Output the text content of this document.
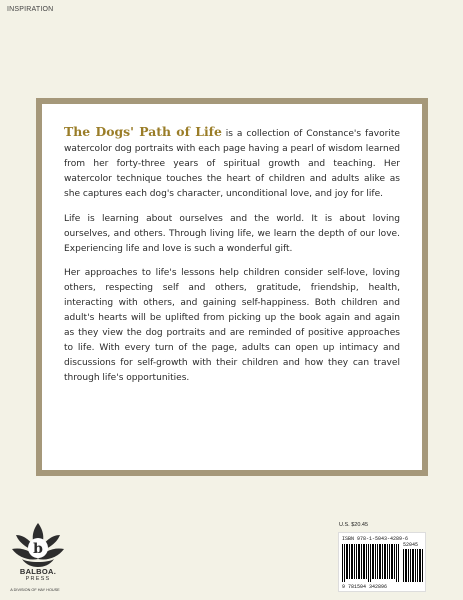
INSPIRATION

The Dogs' Path of Life is a collection of Constance's favorite watercolor dog portraits with each page having a pearl of wisdom learned from her forty-three years of spiritual growth and teaching. Her watercolor technique touches the heart of children and adults alike as she captures each dog's character, unconditional love, and joy for life.

Life is learning about ourselves and the world. It is about loving ourselves, and others. Through living life, we learn the depth of our love. Experiencing life and love is such a wonderful gift.

Her approaches to life's lessons help children consider self-love, loving others, respecting self and others, gratitude, friendship, health, interacting with others, and gaining self-happiness. Both children and adult's hearts will be uplifted from picking up the book again and again as they view the dog portraits and are reminded of positive approaches to life. With every turn of the page, adults can open up intimacy and discussions for self-growth with their children and how they can travel through life's opportunities.

b
BALBOA.
PRESS
A DIVISION OF HAY HOUSE
U.S. $20.45
ISBN 978-1-5043-4289-6
52045
9 781504 342896
